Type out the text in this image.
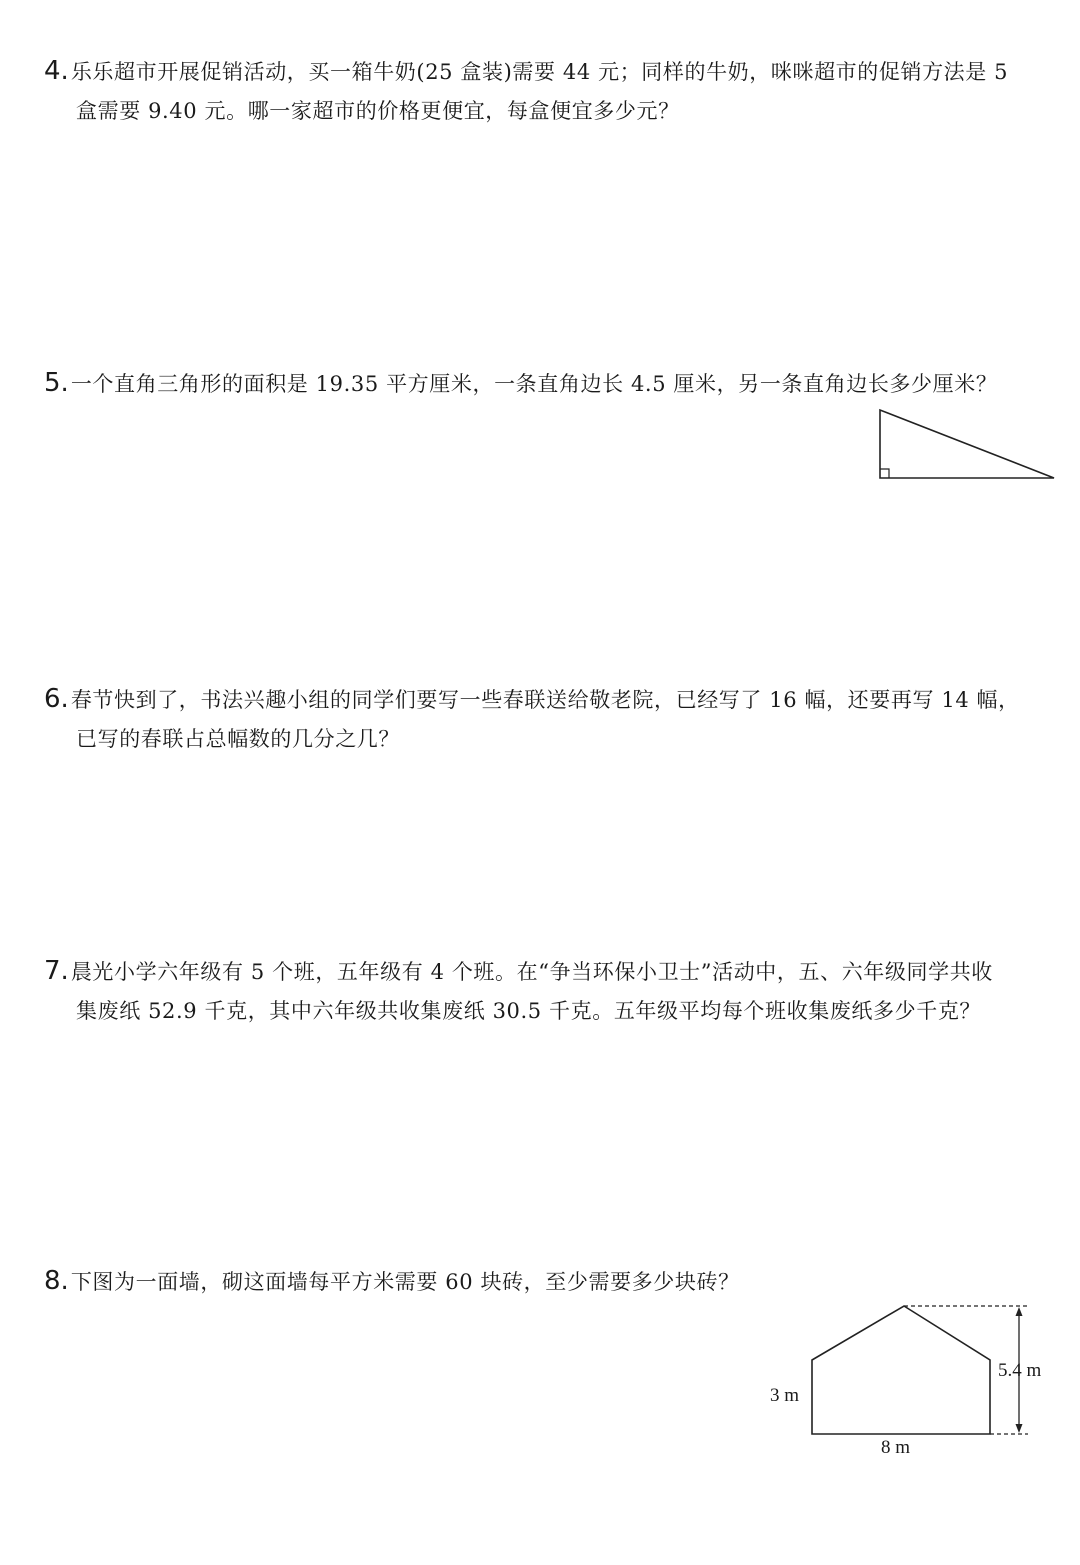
4.乐乐超市开展促销活动，买一箱牛奶(25 盒装)需要 44 元；同样的牛奶，咪咪超市的促销方法是 5
盒需要 9.40 元。哪一家超市的价格更便宜，每盒便宜多少元？
5.一个直角三角形的面积是 19.35 平方厘米，一条直角边长 4.5 厘米，另一条直角边长多少厘米？
6.春节快到了，书法兴趣小组的同学们要写一些春联送给敬老院，已经写了 16 幅，还要再写 14 幅，
已写的春联占总幅数的几分之几？
7.晨光小学六年级有 5 个班，五年级有 4 个班。在“争当环保小卫士”活动中，五、六年级同学共收
集废纸 52.9 千克，其中六年级共收集废纸 30.5 千克。五年级平均每个班收集废纸多少千克？
8.下图为一面墙，砌这面墙每平方米需要 60 块砖，至少需要多少块砖？
5.4 m
3 m
8 m
